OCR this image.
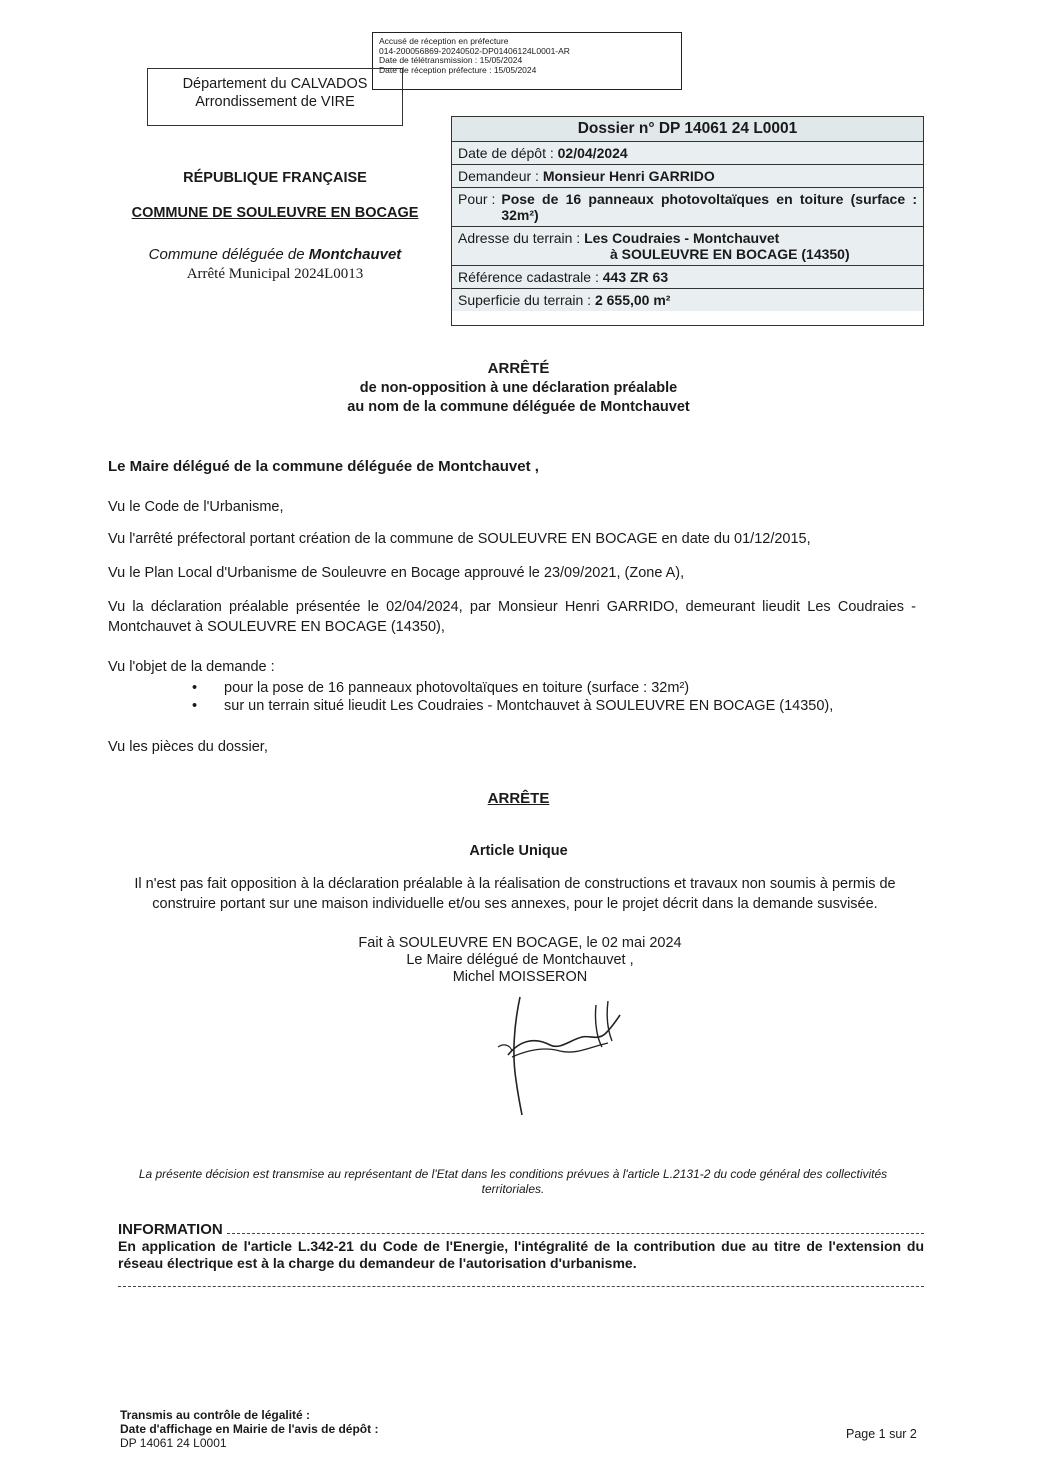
Accusé de réception en préfecture
014-200056869-20240502-DP01406124L0001-AR
Date de télétransmission : 15/05/2024
Date de réception préfecture : 15/05/2024
Département du CALVADOS
Arrondissement de VIRE
Dossier n° DP 14061 24 L0001
Date de dépôt : 02/04/2024
Demandeur : Monsieur Henri GARRIDO
Pour : Pose de 16 panneaux photovoltaïques en toiture (surface : 32m²)
Adresse du terrain : Les Coudraies - Montchauvet
à SOULEUVRE EN BOCAGE (14350)
Référence cadastrale : 443 ZR 63
Superficie du terrain : 2 655,00 m²
RÉPUBLIQUE FRANÇAISE
COMMUNE DE SOULEUVRE EN BOCAGE
Commune déléguée de Montchauvet
Arrêté Municipal 2024L0013
ARRÊTÉ
de non-opposition à une déclaration préalable
au nom de la commune déléguée de Montchauvet
Le Maire délégué de la commune déléguée de Montchauvet ,
Vu le Code de l'Urbanisme,
Vu l'arrêté préfectoral portant création de la commune de SOULEUVRE EN BOCAGE en date du 01/12/2015,
Vu le Plan Local d'Urbanisme de Souleuvre en Bocage approuvé le 23/09/2021, (Zone A),
Vu la déclaration préalable présentée le 02/04/2024, par Monsieur Henri GARRIDO, demeurant lieudit Les Coudraies - Montchauvet à SOULEUVRE EN BOCAGE (14350),
Vu l'objet de la demande :
• pour la pose de 16 panneaux photovoltaïques en toiture (surface : 32m²)
• sur un terrain situé lieudit Les Coudraies - Montchauvet à SOULEUVRE EN BOCAGE (14350),
Vu les pièces du dossier,
ARRÊTE
Article Unique
Il n'est pas fait opposition à la déclaration préalable à la réalisation de constructions et travaux non soumis à permis de construire portant sur une maison individuelle et/ou ses annexes, pour le projet décrit dans la demande susvisée.
Fait à SOULEUVRE EN BOCAGE, le 02 mai 2024
Le Maire délégué de Montchauvet ,
Michel MOISSERON
La présente décision est transmise au représentant de l'Etat dans les conditions prévues à l'article L.2131-2 du code général des collectivités territoriales.
INFORMATION
En application de l'article L.342-21 du Code de l'Energie, l'intégralité de la contribution due au titre de l'extension du réseau électrique est à la charge du demandeur de l'autorisation d'urbanisme.
Transmis au contrôle de légalité :
Date d'affichage en Mairie de l'avis de dépôt :
DP 14061 24 L0001
Page 1 sur 2
